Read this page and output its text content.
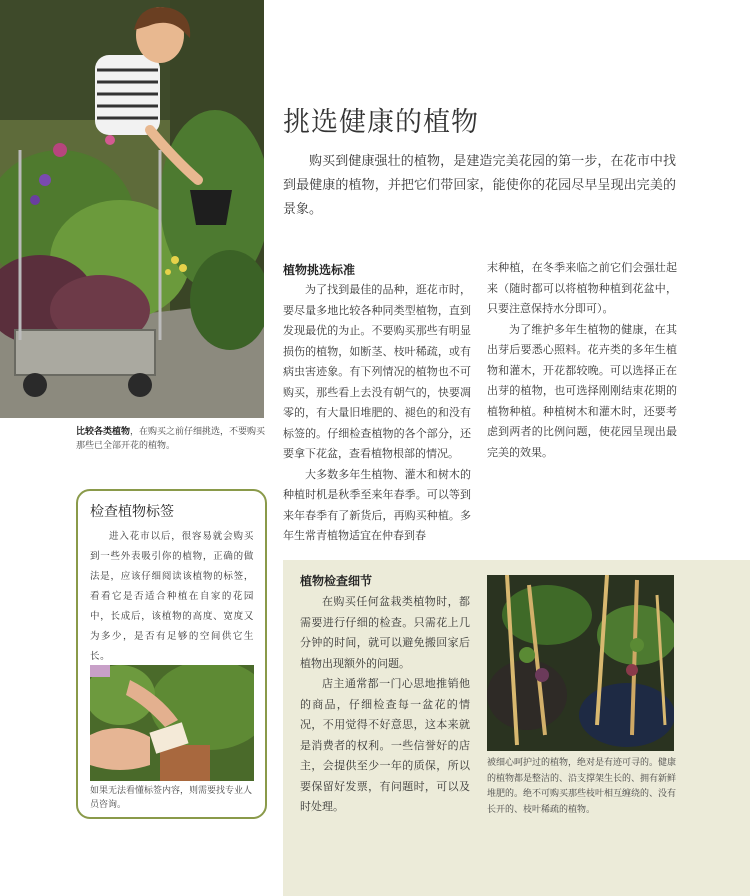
比较各类植物，在购买之前仔细挑选，不要购买那些已全部开花的植物。
挑选健康的植物
购买到健康强壮的植物，是建造完美花园的第一步，在花市中找到最健康的植物，并把它们带回家，能使你的花园尽早呈现出完美的景象。
植物挑选标准

为了找到最佳的品种，逛花市时，要尽量多地比较各种同类型植物，直到发现最优的为止。不要购买那些有明显损伤的植物，如断茎、枝叶稀疏，或有病虫害迹象。有下列情况的植物也不可购买，那些看上去没有朝气的，快要凋零的，有大量旧堆肥的、褪色的和没有标签的。仔细检查植物的各个部分，还要拿下花盆，查看植物根部的情况。

大多数多年生植物、灌木和树木的种植时机是秋季至来年春季。可以等到来年春季有了新货后，再购买种植。多年生常青植物适宜在仲春到春

末种植，在冬季来临之前它们会强壮起来（随时都可以将植物种植到花盆中，只要注意保持水分即可）。

为了维护多年生植物的健康，在其出芽后要悉心照料。花卉类的多年生植物和灌木，开花都较晚。可以选择正在出芽的植物，也可选择刚刚结束花期的植物种植。种植树木和灌木时，还要考虑到两者的比例问题，使花园呈现出最完美的效果。

检查植物标签
进入花市以后，很容易就会购买到一些外表吸引你的植物，正确的做法是，应该仔细阅读该植物的标签，看看它是否适合种植在自家的花园中，长成后，该植物的高度、宽度又为多少，是否有足够的空间供它生长。
如果无法看懂标签内容，则需要找专业人员咨询。
植物检查细节

在购买任何盆栽类植物时，都需要进行仔细的检查。只需花上几分钟的时间，就可以避免搬回家后植物出现额外的问题。

店主通常都一门心思地推销他的商品，仔细检查每一盆花的情况，不用觉得不好意思，这本来就是消费者的权利。一些信誉好的店主，会提供至少一年的质保，所以要保留好发票，有问题时，可以及时处理。

被细心呵护过的植物，绝对是有迹可寻的。健康的植物都是整洁的、沿支撑架生长的、拥有新鲜堆肥的。绝不可购买那些枝叶相互缠绕的、没有长开的、枝叶稀疏的植物。
